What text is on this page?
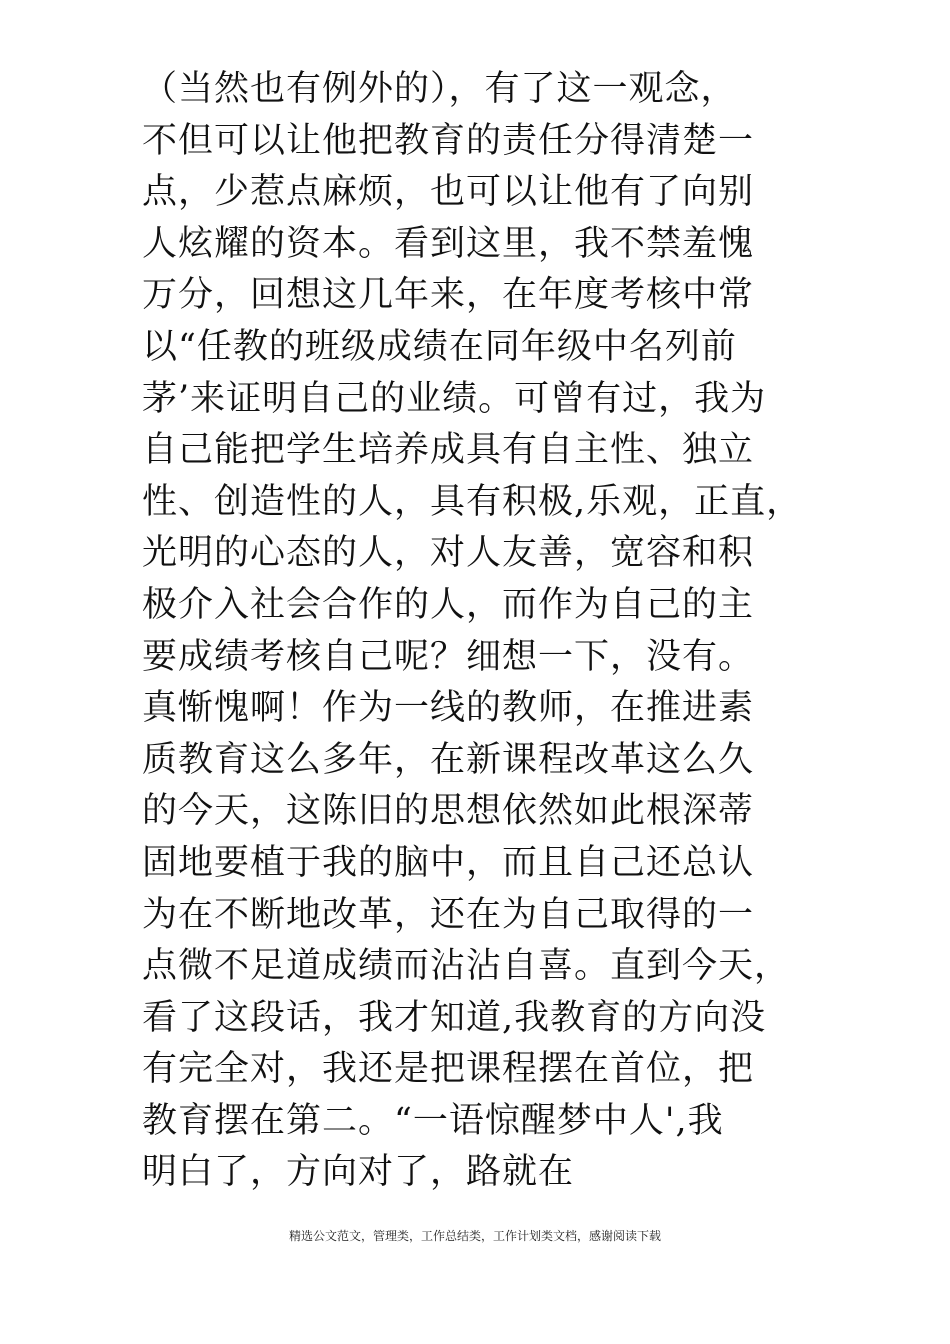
（当然也有例外的），有了这一观念，
不但可以让他把教育的责任分得清楚一
点，少惹点麻烦，也可以让他有了向别
人炫耀的资本。看到这里，我不禁羞愧
万分，回想这几年来，在年度考核中常
以“任教的班级成绩在同年级中名列前
茅’来证明自己的业绩。可曾有过，我为
自己能把学生培养成具有自主性、独立
性、创造性的人，具有积极,乐观，正直，
光明的心态的人，对人友善，宽容和积
极介入社会合作的人，而作为自己的主
要成绩考核自己呢？细想一下，没有。
真惭愧啊！作为一线的教师，在推进素
质教育这么多年，在新课程改革这么久
的今天，这陈旧的思想依然如此根深蒂
固地要植于我的脑中，而且自己还总认
为在不断地改革，还在为自己取得的一
点微不足道成绩而沾沾自喜。直到今天，
看了这段话，我才知道,我教育的方向没
有完全对，我还是把课程摆在首位，把
教育摆在第二。“一语惊醒梦中人',我
明白了，方向对了，路就在
精选公文范文，管理类，工作总结类，工作计划类文档，感谢阅读下载
